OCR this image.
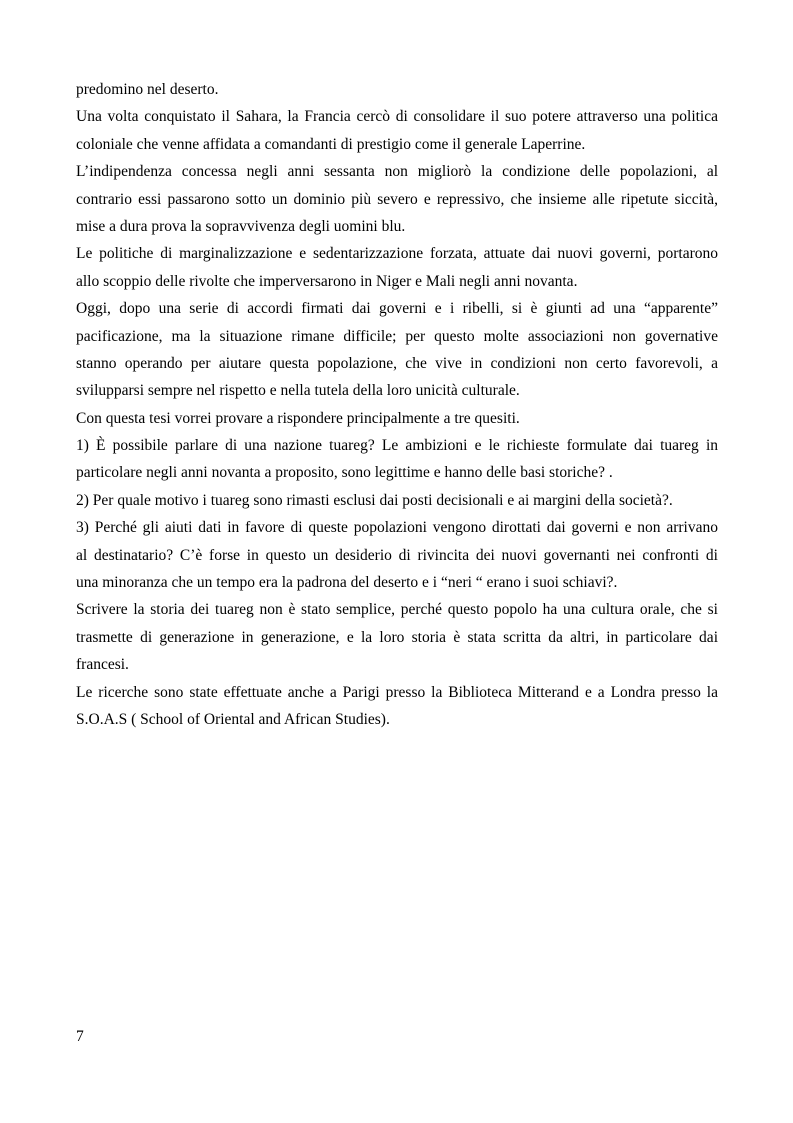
predomino nel deserto.
Una volta conquistato il Sahara, la Francia cercò di consolidare il suo potere attraverso una politica
coloniale che venne affidata a comandanti di prestigio come il generale Laperrine.
L’indipendenza concessa negli anni sessanta non migliorò la condizione delle popolazioni, al
contrario essi passarono sotto un dominio più severo e repressivo, che insieme alle ripetute siccità,
mise a dura prova la sopravvivenza degli uomini blu.
Le politiche di marginalizzazione e sedentarizzazione forzata, attuate dai nuovi governi, portarono
allo scoppio delle rivolte che imperversarono in Niger e Mali negli anni novanta.
Oggi, dopo una serie di accordi firmati dai governi e i ribelli, si è giunti ad una “apparente”
pacificazione, ma la situazione rimane difficile; per questo molte associazioni non governative
stanno operando per aiutare questa popolazione, che vive in condizioni non certo favorevoli, a
svilupparsi sempre nel rispetto e nella tutela della loro unicità culturale.
Con questa tesi vorrei provare a rispondere principalmente a tre quesiti.
1) È possibile parlare di una nazione tuareg? Le ambizioni e le richieste formulate dai tuareg in
particolare negli anni novanta a proposito, sono legittime e hanno delle basi storiche? .
2) Per quale motivo i tuareg sono rimasti esclusi dai posti decisionali e ai margini della società?.
3) Perché gli aiuti dati in favore di queste popolazioni vengono dirottati dai governi e non arrivano
al destinatario? C’è forse in questo un desiderio di rivincita dei nuovi governanti nei confronti di
una minoranza che un tempo era la padrona del deserto e i “neri “ erano i suoi schiavi?.
Scrivere la storia dei tuareg non è stato semplice, perché questo popolo ha una cultura orale, che si
trasmette di generazione in generazione, e la loro storia è stata scritta da altri, in particolare dai
francesi.
Le ricerche sono state effettuate anche a Parigi presso la Biblioteca Mitterand e a Londra presso la
S.O.A.S ( School of Oriental and African Studies).
7
